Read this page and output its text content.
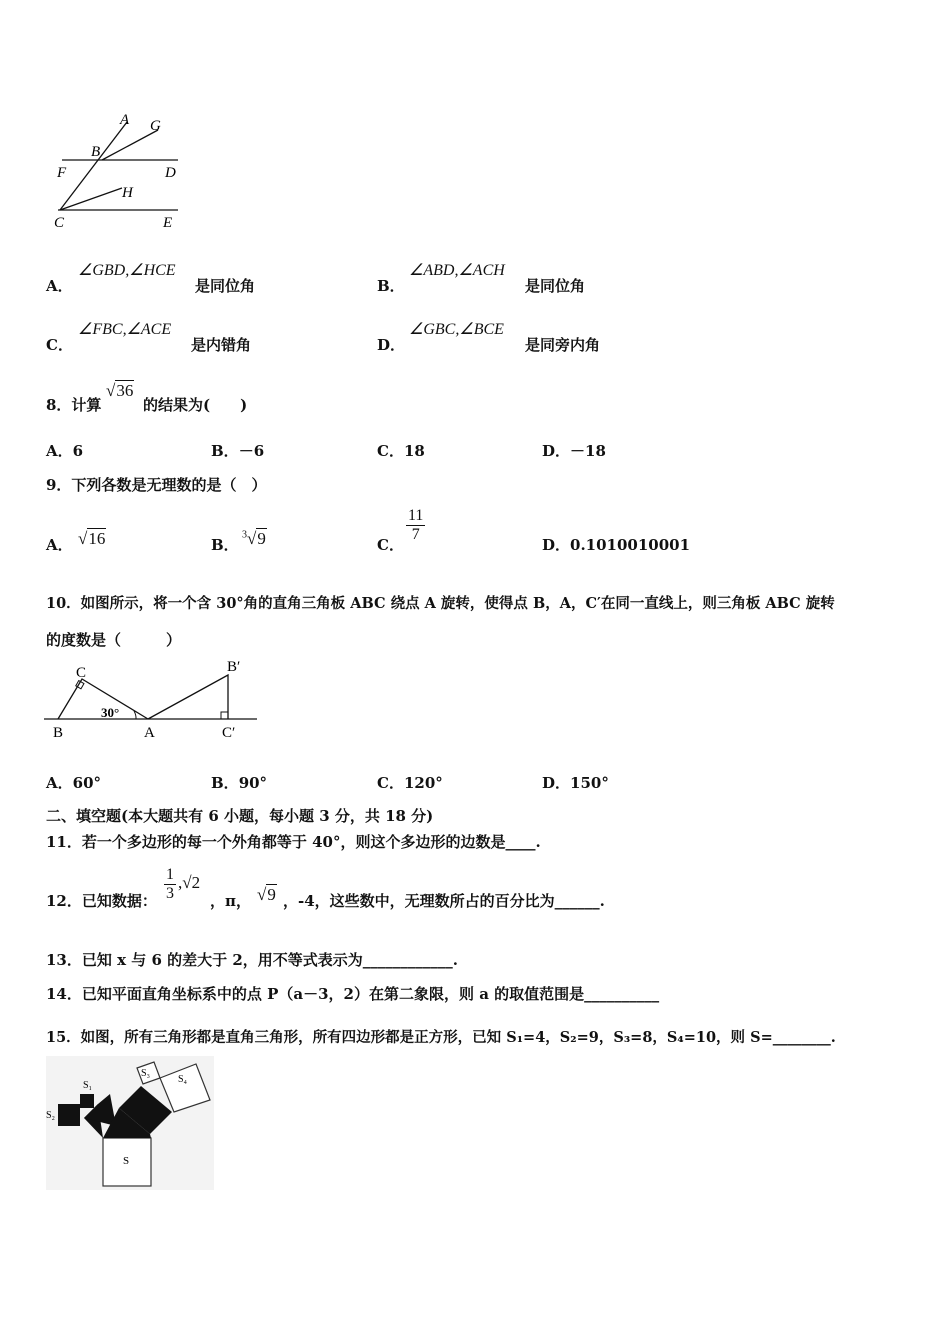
A G
B
F	D
H
C	E
A．
∠GBD,∠HCE
是同位角	B．
∠ABD,∠ACH
是同位角
C．
∠FBC,∠ACE
是内错角	D．
∠GBC,∠BCE
是同旁内角
8．计算
√36
的结果为(　　)
A．6	B．－6	C．18	D．－18
9．下列各数是无理数的是（　）
A． √16	B．
$^3$√9	C．
$\frac{11}{7}$
D．0.1010010001
10．如图所示，将一个含 30°角的直角三角板 ABC 绕点 A 旋转，使得点 B，A，C′在同一直线上，则三角板 ABC 旋转
的度数是（　　　）
C	B′
30°
B	A	C′
A．60°	B．90°	C．120°	D．150°
二、填空题(本大题共有 6 小题，每小题 3 分，共 18 分)
11．若一个多边形的每一个外角都等于 40°，则这个多边形的边数是____.
12．已知数据： $\frac{1}{3} ,√2$
，π， √9 ，-4，这些数中，无理数所占的百分比为______.
13．已知 x 与 6 的差大于 2，用不等式表示为____________.
14．已知平面直角坐标系中的点 P（a－3，2）在第二象限，则 a 的取值范围是__________
15．如图，所有三角形都是直角三角形，所有四边形都是正方形，已知 S₁=4，S₂=9，S₃=8，S₄=10，则 S=________.
S₁
S₂
S₃
S₄
S
